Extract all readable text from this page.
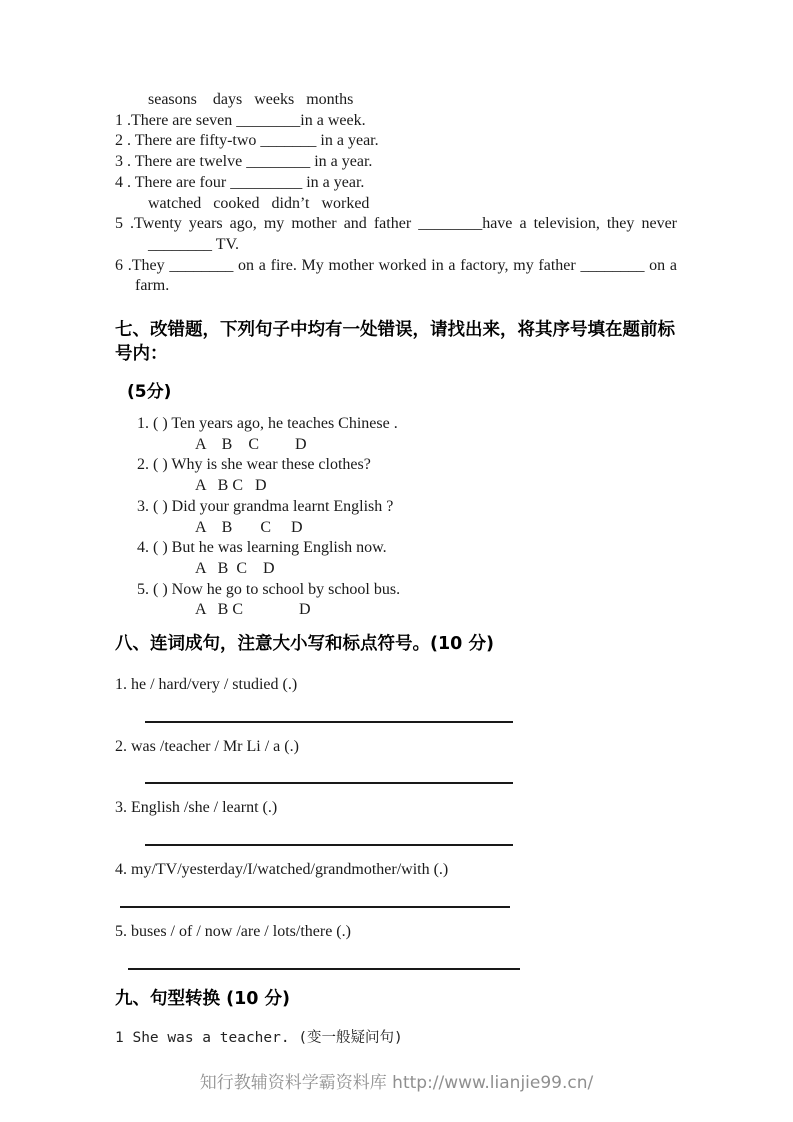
seasons    days   weeks   months
1 .There are seven ________in a week.
2 . There are fifty-two _______ in a year.
3 . There are twelve ________ in a year.
4 . There are four _________ in a year.
watched   cooked   didn’t   worked
5 .Twenty years ago, my mother and father ________have a television, they never
________ TV.
6 .They ________ on a fire. My mother worked in a factory, my father ________ on a
farm.
七、改错题，下列句子中均有一处错误，请找出来，将其序号填在题前标号内：
(5分)
1. ( ) Ten years ago, he teaches Chinese .
A    B    C         D
2. ( ) Why is she wear these clothes?
A   B C   D
3. ( ) Did your grandma learnt English ?
A    B       C     D
4. ( ) But he was learning English now.
A   B  C    D
5. ( ) Now he go to school by school bus.
A   B C              D
八、连词成句，注意大小写和标点符号。(10 分)
1. he / hard/very / studied (.)
2. was /teacher / Mr Li / a (.)
3. English /she / learnt (.)
4. my/TV/yesterday/I/watched/grandmother/with (.)
5. buses / of / now /are / lots/there (.)
九、句型转换 (10 分)
1 She was a teacher. (变一般疑问句)
知行教辅资料学霸资料库 http://www.lianjie99.cn/
